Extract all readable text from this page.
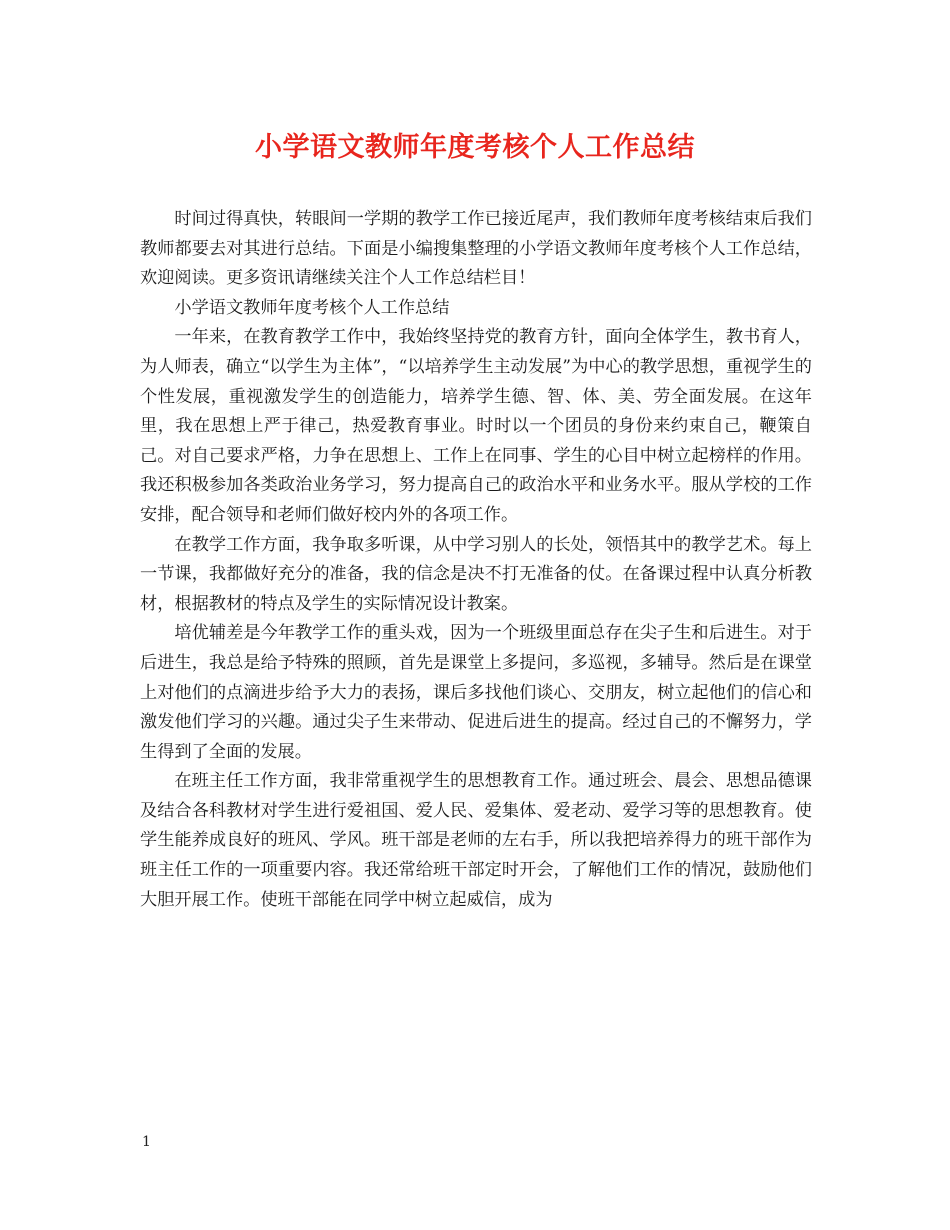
小学语文教师年度考核个人工作总结

时间过得真快，转眼间一学期的教学工作已接近尾声，我们教师年度考核结束后我们教师都要去对其进行总结。下面是小编搜集整理的小学语文教师年度考核个人工作总结，欢迎阅读。更多资讯请继续关注个人工作总结栏目！

小学语文教师年度考核个人工作总结

一年来，在教育教学工作中，我始终坚持党的教育方针，面向全体学生，教书育人，为人师表，确立“以学生为主体”，“以培养学生主动发展”为中心的教学思想，重视学生的个性发展，重视激发学生的创造能力，培养学生德、智、体、美、劳全面发展。在这年里，我在思想上严于律己，热爱教育事业。时时以一个团员的身份来约束自己，鞭策自己。对自己要求严格，力争在思想上、工作上在同事、学生的心目中树立起榜样的作用。我还积极参加各类政治业务学习，努力提高自己的政治水平和业务水平。服从学校的工作安排，配合领导和老师们做好校内外的各项工作。

在教学工作方面，我争取多听课，从中学习别人的长处，领悟其中的教学艺术。每上一节课，我都做好充分的准备，我的信念是决不打无准备的仗。在备课过程中认真分析教材，根据教材的特点及学生的实际情况设计教案。

培优辅差是今年教学工作的重头戏，因为一个班级里面总存在尖子生和后进生。对于后进生，我总是给予特殊的照顾，首先是课堂上多提问，多巡视，多辅导。然后是在课堂上对他们的点滴进步给予大力的表扬，课后多找他们谈心、交朋友，树立起他们的信心和激发他们学习的兴趣。通过尖子生来带动、促进后进生的提高。经过自己的不懈努力，学生得到了全面的发展。

在班主任工作方面，我非常重视学生的思想教育工作。通过班会、晨会、思想品德课及结合各科教材对学生进行爱祖国、爱人民、爱集体、爱老动、爱学习等的思想教育。使学生能养成良好的班风、学风。班干部是老师的左右手，所以我把培养得力的班干部作为班主任工作的一项重要内容。我还常给班干部定时开会，了解他们工作的情况，鼓励他们大胆开展工作。使班干部能在同学中树立起威信，成为

1
